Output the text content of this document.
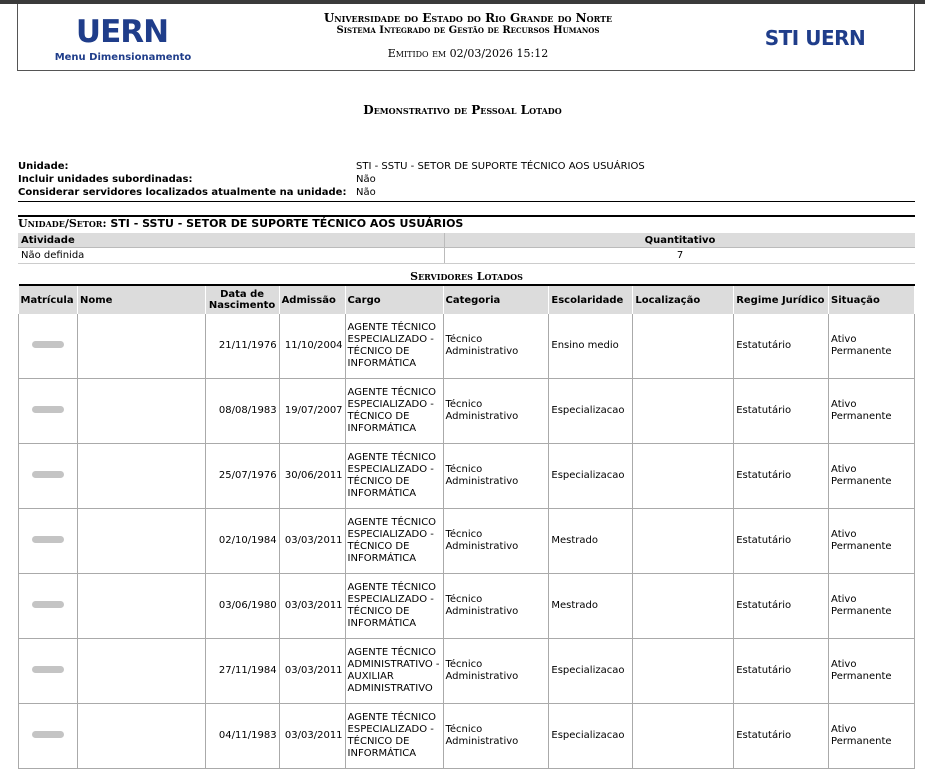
UERN
Menu Dimensionamento
Universidade do Estado do Rio Grande do Norte
Sistema Integrado de Gestão de Recursos Humanos
Emitido em 02/03/2026 15:12
STI UERN
Demonstrativo de Pessoal Lotado
Unidade:	STI - SSTU - SETOR DE SUPORTE TÉCNICO AOS USUÁRIOS
Incluir unidades subordinadas:	Não
Considerar servidores localizados atualmente na unidade: Não
Unidade/Setor: STI - SSTU - SETOR DE SUPORTE TÉCNICO AOS USUÁRIOS
Atividade	Quantitativo
Não definida	7
Servidores Lotados
Matrícula	Nome	Data de Nascimento	Admissão	Cargo	Categoria	Escolaridade	Localização	Regime Jurídico	Situação
		21/11/1976	11/10/2004	AGENTE TÉCNICO ESPECIALIZADO - TÉCNICO DE INFORMÁTICA	Técnico Administrativo	Ensino medio		Estatutário	Ativo Permanente
		08/08/1983	19/07/2007	AGENTE TÉCNICO ESPECIALIZADO - TÉCNICO DE INFORMÁTICA	Técnico Administrativo	Especializacao		Estatutário	Ativo Permanente
		25/07/1976	30/06/2011	AGENTE TÉCNICO ESPECIALIZADO - TÉCNICO DE INFORMÁTICA	Técnico Administrativo	Especializacao		Estatutário	Ativo Permanente
		02/10/1984	03/03/2011	AGENTE TÉCNICO ESPECIALIZADO - TÉCNICO DE INFORMÁTICA	Técnico Administrativo	Mestrado		Estatutário	Ativo Permanente
		03/06/1980	03/03/2011	AGENTE TÉCNICO ESPECIALIZADO - TÉCNICO DE INFORMÁTICA	Técnico Administrativo	Mestrado		Estatutário	Ativo Permanente
		27/11/1984	03/03/2011	AGENTE TÉCNICO ADMINISTRATIVO - AUXILIAR ADMINISTRATIVO	Técnico Administrativo	Especializacao		Estatutário	Ativo Permanente
		04/11/1983	03/03/2011	AGENTE TÉCNICO ESPECIALIZADO - TÉCNICO DE INFORMÁTICA	Técnico Administrativo	Especializacao		Estatutário	Ativo Permanente
